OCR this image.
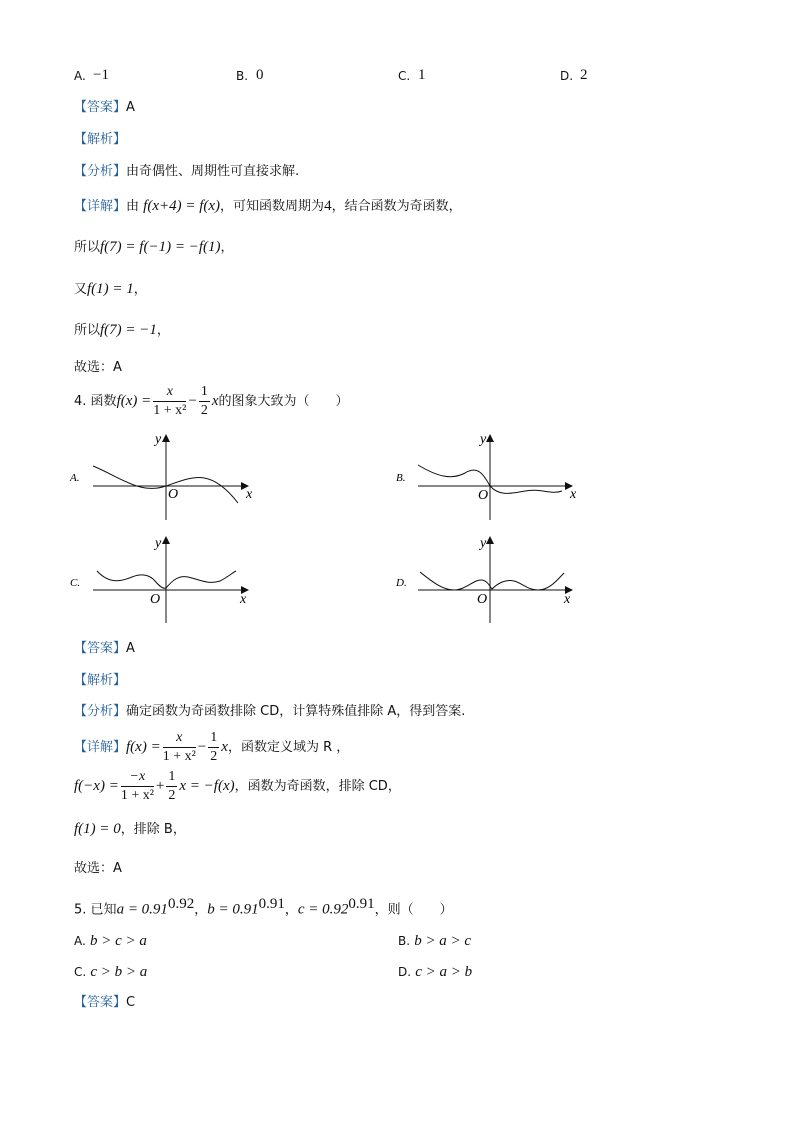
A. −1	B. 0	C. 1	D. 2
【答案】A
【解析】
【分析】由奇偶性、周期性可直接求解.
【详解】由 f(x+4) = f(x)，可知函数周期为4，结合函数为奇函数，
所以f(7) = f(−1) = −f(1)，
又f(1) = 1，
所以f(7) = −1，
故选：A
4. 函数$f(x) = \frac{x}{\text{1 + x²}} - \frac{1}{2}$ x的图象大致为（　　）
A.
x
y
O
B.
x
y
O
C.
x
y
O
D.
x
y
O
【答案】A
【解析】
【分析】确定函数为奇函数排除 CD，计算特殊值排除 A，得到答案.
【详解】$f(x) = \frac{x}{\text{1 + x²}} - \frac{1}{2}$ x，函数定义域为 R ，
$f(-x) = \frac{-x}{\text{1 + x²}} + \frac{1}{2}$ x = −f(x)，函数为奇函数，排除 CD，
f(1) = 0，排除 B，
故选：A
5. 已知$a = 0.91^{0.92}$，$b = 0.91^{0.91}$，$c = 0.92^{0.91}$，则（　　）
A. b > c > a	B. b > a > c
C. c > b > a	D. c > a > b
【答案】C
